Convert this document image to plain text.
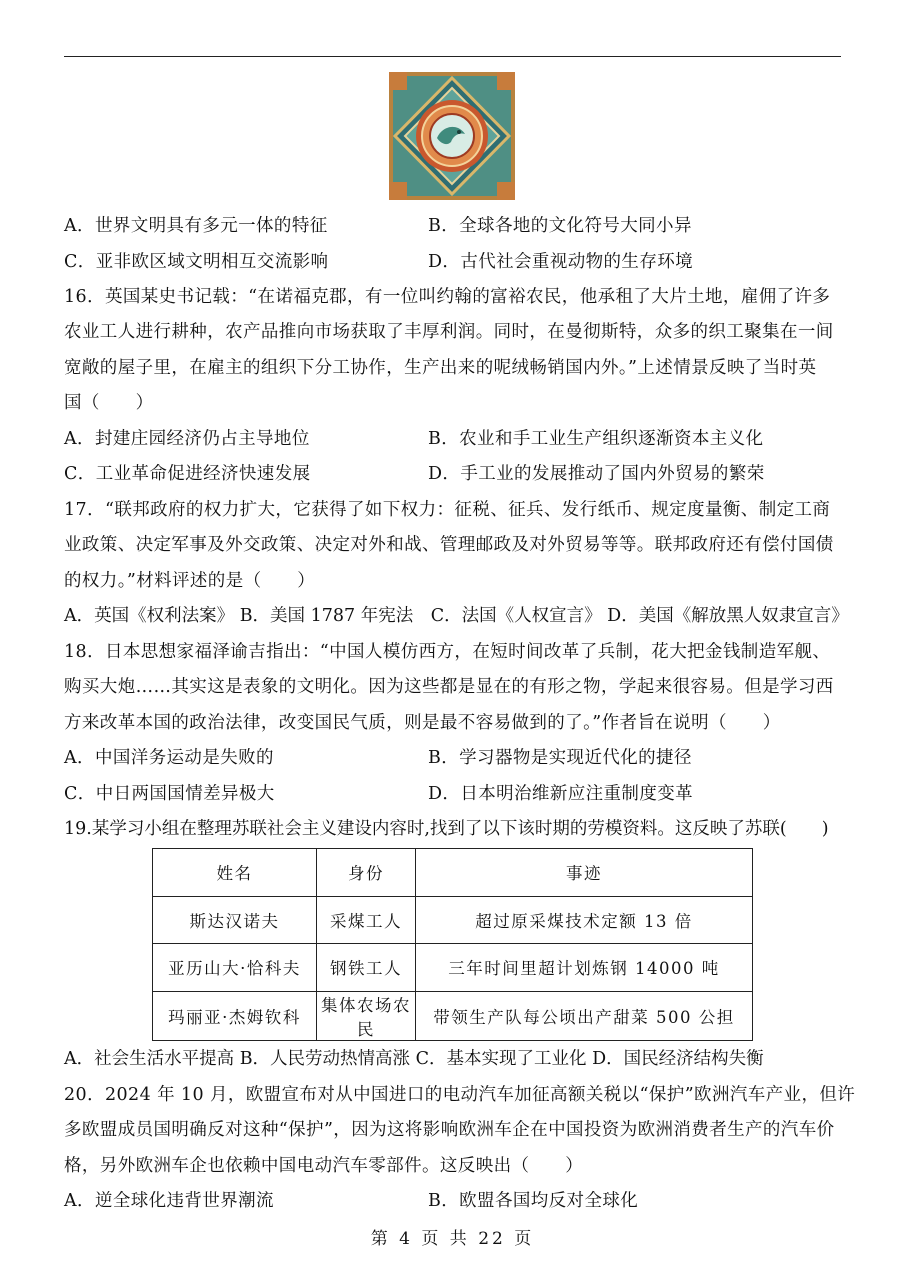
A．世界文明具有多元一体的特征	B．全球各地的文化符号大同小异
C．亚非欧区域文明相互交流影响	D．古代社会重视动物的生存环境
16．英国某史书记载：“在诺福克郡，有一位叫约翰的富裕农民，他承租了大片土地，雇佣了许多
农业工人进行耕种，农产品推向市场获取了丰厚利润。同时，在曼彻斯特，众多的织工聚集在一间
宽敞的屋子里，在雇主的组织下分工协作，生产出来的呢绒畅销国内外。”上述情景反映了当时英
国（　　）
A．封建庄园经济仍占主导地位	B．农业和手工业生产组织逐渐资本主义化
C．工业革命促进经济快速发展	D．手工业的发展推动了国内外贸易的繁荣
17．“联邦政府的权力扩大，它获得了如下权力：征税、征兵、发行纸币、规定度量衡、制定工商
业政策、决定军事及外交政策、决定对外和战、管理邮政及对外贸易等等。联邦政府还有偿付国债
的权力。”材料评述的是（　　）
A．英国《权利法案》 B．美国 1787 年宪法　C．法国《人权宣言》 D．美国《解放黑人奴隶宣言》
18．日本思想家福泽谕吉指出：“中国人模仿西方，在短时间改革了兵制，花大把金钱制造军舰、
购买大炮……其实这是表象的文明化。因为这些都是显在的有形之物，学起来很容易。但是学习西
方来改革本国的政治法律，改变国民气质，则是最不容易做到的了。”作者旨在说明（　　）
A．中国洋务运动是失败的	B．学习器物是实现近代化的捷径
C．中日两国国情差异极大	D．日本明治维新应注重制度变革
19.某学习小组在整理苏联社会主义建设内容时,找到了以下该时期的劳模资料。这反映了苏联(　　)
姓名	身份	事迹
斯达汉诺夫	采煤工人	超过原采煤技术定额 13 倍
亚历山大·恰科夫	钢铁工人	三年时间里超计划炼钢 14000 吨
玛丽亚·杰姆钦科	集体农场农民	带领生产队每公顷出产甜菜 500 公担
A．社会生活水平提高 B．人民劳动热情高涨 C．基本实现了工业化 D．国民经济结构失衡
20．2024 年 10 月，欧盟宣布对从中国进口的电动汽车加征高额关税以“保护”欧洲汽车产业，但许
多欧盟成员国明确反对这种“保护”，因为这将影响欧洲车企在中国投资为欧洲消费者生产的汽车价
格，另外欧洲车企也依赖中国电动汽车零部件。这反映出（　　）
A．逆全球化违背世界潮流	B．欧盟各国均反对全球化
第 4 页 共 22 页
